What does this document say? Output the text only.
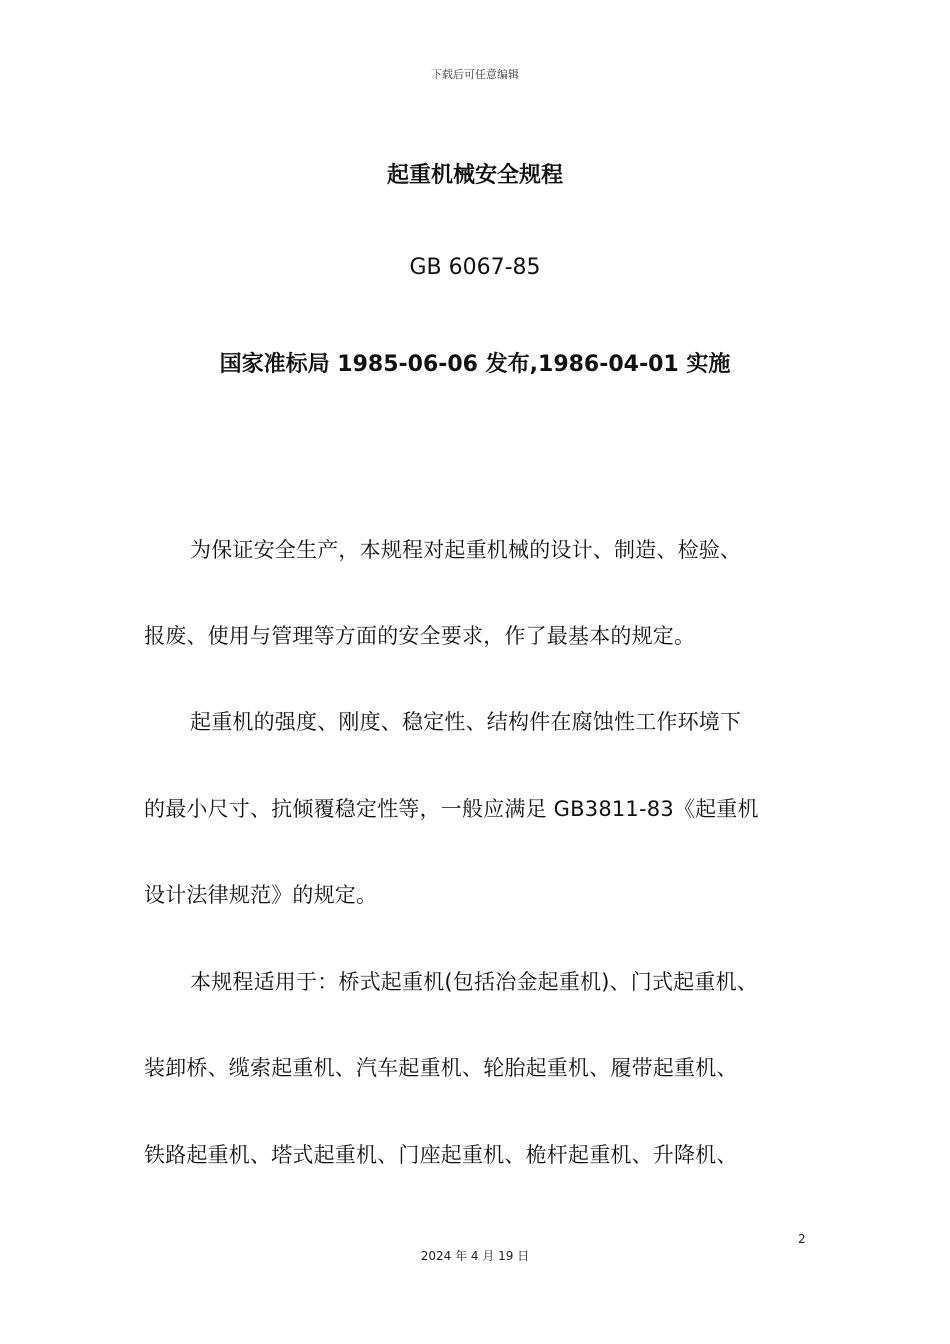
下载后可任意编辑
起重机械安全规程
GB 6067-85
国家准标局 1985-06-06 发布,1986-04-01 实施
为保证安全生产，本规程对起重机械的设计、制造、检验、
报废、使用与管理等方面的安全要求，作了最基本的规定。
起重机的强度、刚度、稳定性、结构件在腐蚀性工作环境下
的最小尺寸、抗倾覆稳定性等，一般应满足 GB3811-83《起重机
设计法律规范》的规定。
本规程适用于：桥式起重机(包括冶金起重机)、门式起重机、
装卸桥、缆索起重机、汽车起重机、轮胎起重机、履带起重机、
铁路起重机、塔式起重机、门座起重机、桅杆起重机、升降机、
2
2024 年 4 月 19 日
